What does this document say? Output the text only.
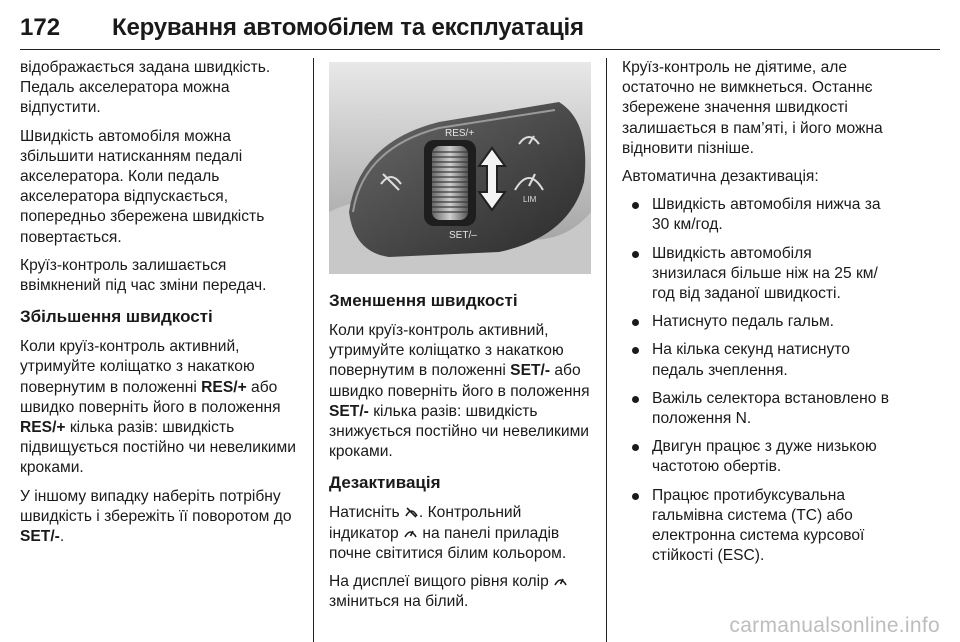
172 Керування автомобілем та експлуатація

відображається задана швидкість. Педаль акселератора можна відпустити.

Швидкість автомобіля можна збільшити натисканням педалі акселератора. Коли педаль акселератора відпускається, попередньо збережена швидкість повертається.

Круїз-контроль залишається ввімкнений під час зміни передач.

Збільшення швидкості

Коли круїз-контроль активний, утримуйте коліщатко з накаткою повернутим в положенні RES/+ або швидко поверніть його в положення RES/+ кілька разів: швидкість підвищується постійно чи невеликими кроками.

У іншому випадку наберіть потрібну швидкість і збережіть її поворотом до SET/-.

RES/+
SET/–
LIM
Зменшення швидкості

Коли круїз-контроль активний, утримуйте коліщатко з накаткою повернутим в положенні SET/- або швидко поверніть його в положення SET/- кілька разів: швидкість знижується постійно чи невеликими кроками.

Дезактивація

Натисніть . Контрольний індикатор  на панелі приладів почне світитися білим кольором.

На дисплеї вищого рівня колір  зміниться на білий.

Круїз-контроль не діятиме, але остаточно не вимкнеться. Останнє збережене значення швидкості залишається в пам’яті, і його можна відновити пізніше.

Автоматична дезактивація:

Швидкість автомобіля нижча за 30 км/год.
Швидкість автомобіля знизилася більше ніж на 25 км/год від заданої швидкості.
Натиснуто педаль гальм.
На кілька секунд натиснуто педаль зчеплення.
Важіль селектора встановлено в положення N.
Двигун працює з дуже низькою частотою обертів.
Працює протибуксувальна гальмівна система (TC) або електронна система курсової стійкості (ESC).
carmanualsonline.info
